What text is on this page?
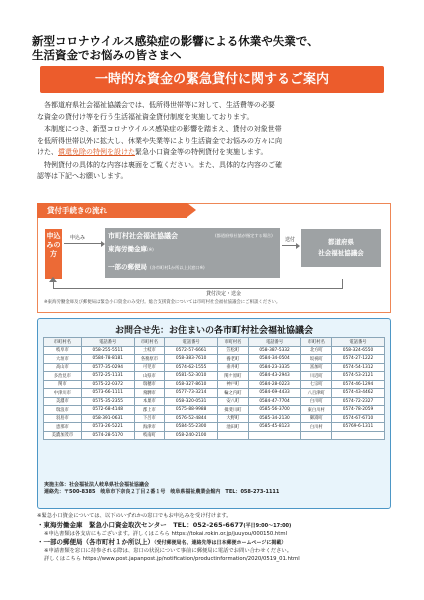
新型コロナウイルス感染症の影響による休業や失業で、
生活資金でお悩みの皆さまへ
一時的な資金の緊急貸付に関するご案内

各都道府県社会福祉協議会では、低所得世帯等に対して、生活費等の必要
な資金の貸付け等を行う生活福祉資金貸付制度を実施しております。

本制度につき、新型コロナウイルス感染症の影響を踏まえ、貸付の対象世帯
を低所得世帯以外に拡大し、休業や失業等により生活資金でお悩みの方々に向
けた、償還免除の特例を設けた緊急小口資金等の特例貸付を実施します。

特例貸付の具体的な内容は裏面をご覧ください。また、具体的な内容のご確
認等は下記へお願いします。

貸付手続きの流れ
申込みの方
申込み	市町村社会福祉協議会	(都道府県社協が指定する場合)
東海労働金庫(※)
一部の郵便局 (各市町村1か所以上)(窓口※)
送付	都道府県
社会福祉協議会
貸付決定・送金
※東海労働金庫及び郵便局は緊急小口資金のみ受付。総合支援資金については市町村社会福祉協議会にご相談ください。
お問合せ先：お住まいの各市町村社会福祉協議会
市町村名	電話番号	市町村名	電話番号	市町村名	電話番号	市町村名	電話番号
岐阜市	058-255-5511	土岐市	0572-57-6661	笠松町	058-387-5332	北方町	058-324-6550
大垣市	0584-78-8181	各務原市	058-383-7610	養老町	0584-34-0504	坂祝町	0574-27-1222
高山市	0577-35-0294	可児市	0574-62-1555	垂井町	0584-23-3335	富加町	0574-54-1312
多治見市	0572-25-1131	山県市	0581-52-3010	関ケ原町	0584-43-2943	川辺町	0574-53-2121
関市	0575-22-0372	瑞穂市	058-327-8610	神戸町	0584-28-0223	七宗町	0574-46-1294
中津川市	0573-66-1111	飛騨市	0577-73-3214	輪之内町	0584-69-4433	八百津町	0574-43-4462
美濃市	0575-35-2355	本巣市	058-320-0531	安八町	0584-47-7704	白川町	0574-72-2327
瑞浪市	0572-68-4148	郡上市	0575-88-9988	揖斐川町	0585-56-3700	東白川村	0574-78-2059
羽島市	058-391-0631	下呂市	0576-52-4844	大野町	0585-34-2130	御嵩町	0574-67-6710
恵那市	0573-26-5221	海津市	0584-55-2300	池田町	0585-45-8123	白川村	05769-6-1311
美濃加茂市	0574-28-5170	岐南町	058-240-2100				
実施主体：社会福祉法人岐阜県社会福祉協議会
連絡先：〒500-8385　岐阜市下奈良２丁目２番１号　岐阜県福祉農業会館内　TEL：058-273-1111
※緊急小口資金については、以下のいずれかの窓口でもお申込みを受け付けます。
・東海労働金庫　緊急小口資金取次センター　 TEL：052-265-6677(平日9:00〜17:00)
※申込書類は各支店にもございます。詳しくはこちら https://tokai.rokin.or.jp/juuyou/000150.html
・一部の郵便局（各市町村１か所以上）（受付郵便局名、連絡先等は日本郵便ホームページに掲載）
※申請書類を窓口に持参される際は、窓口の状況について事前に郵便局に電話でお問い合わせください。
詳しくはこちら https://www.post.japanpost.jp/notification/productinformation/2020/0519_01.html
